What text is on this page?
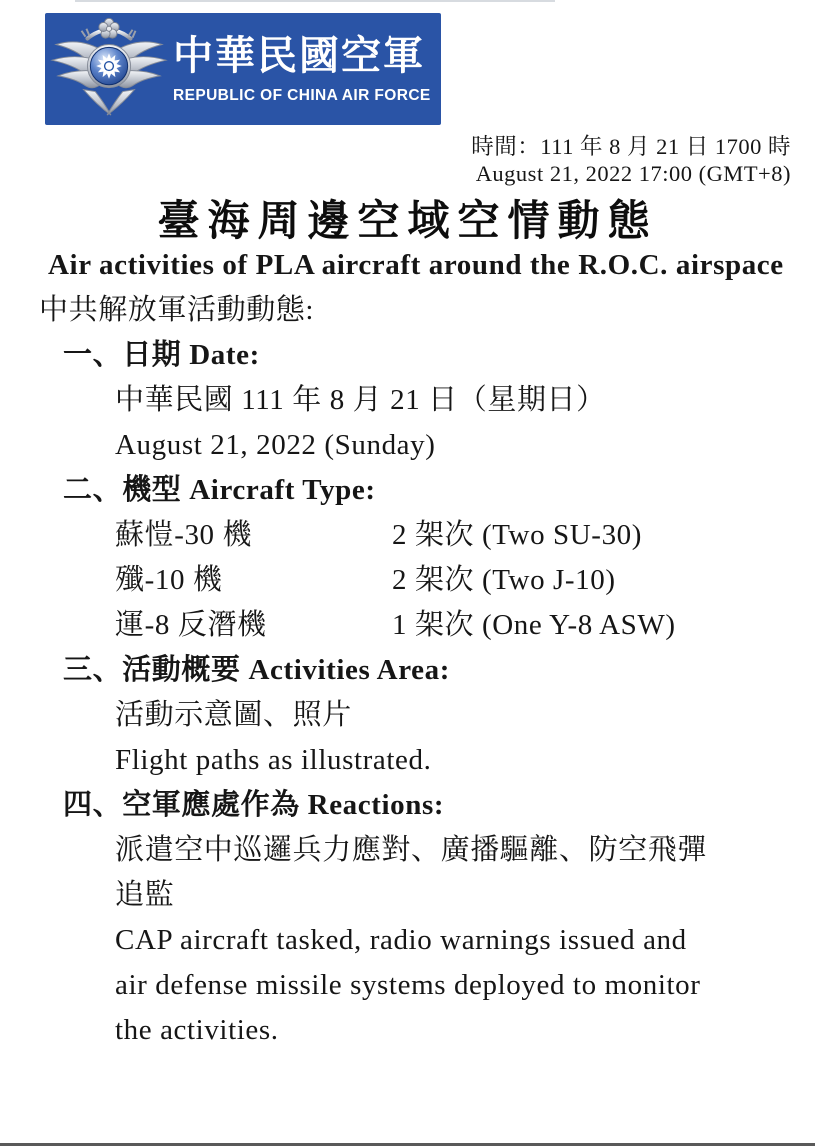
中華民國空軍
REPUBLIC OF CHINA AIR FORCE
時間：111 年 8 月 21 日 1700 時
August 21, 2022 17:00 (GMT+8)
臺海周邊空域空情動態
Air activities of PLA aircraft around the R.O.C. airspace
中共解放軍活動動態:
一、日期 Date:
中華民國 111 年 8 月 21 日（星期日）
August 21, 2022 (Sunday)
二、機型 Aircraft Type:
蘇愷-30 機	2 架次 (Two SU-30)
殲-10 機	2 架次 (Two J-10)
運-8 反潛機	1 架次 (One Y-8 ASW)
三、活動概要 Activities Area:
活動示意圖、照片
Flight paths as illustrated.
四、空軍應處作為 Reactions:
派遣空中巡邏兵力應對、廣播驅離、防空飛彈
追監
CAP aircraft tasked, radio warnings issued and
air defense missile systems deployed to monitor
the activities.
